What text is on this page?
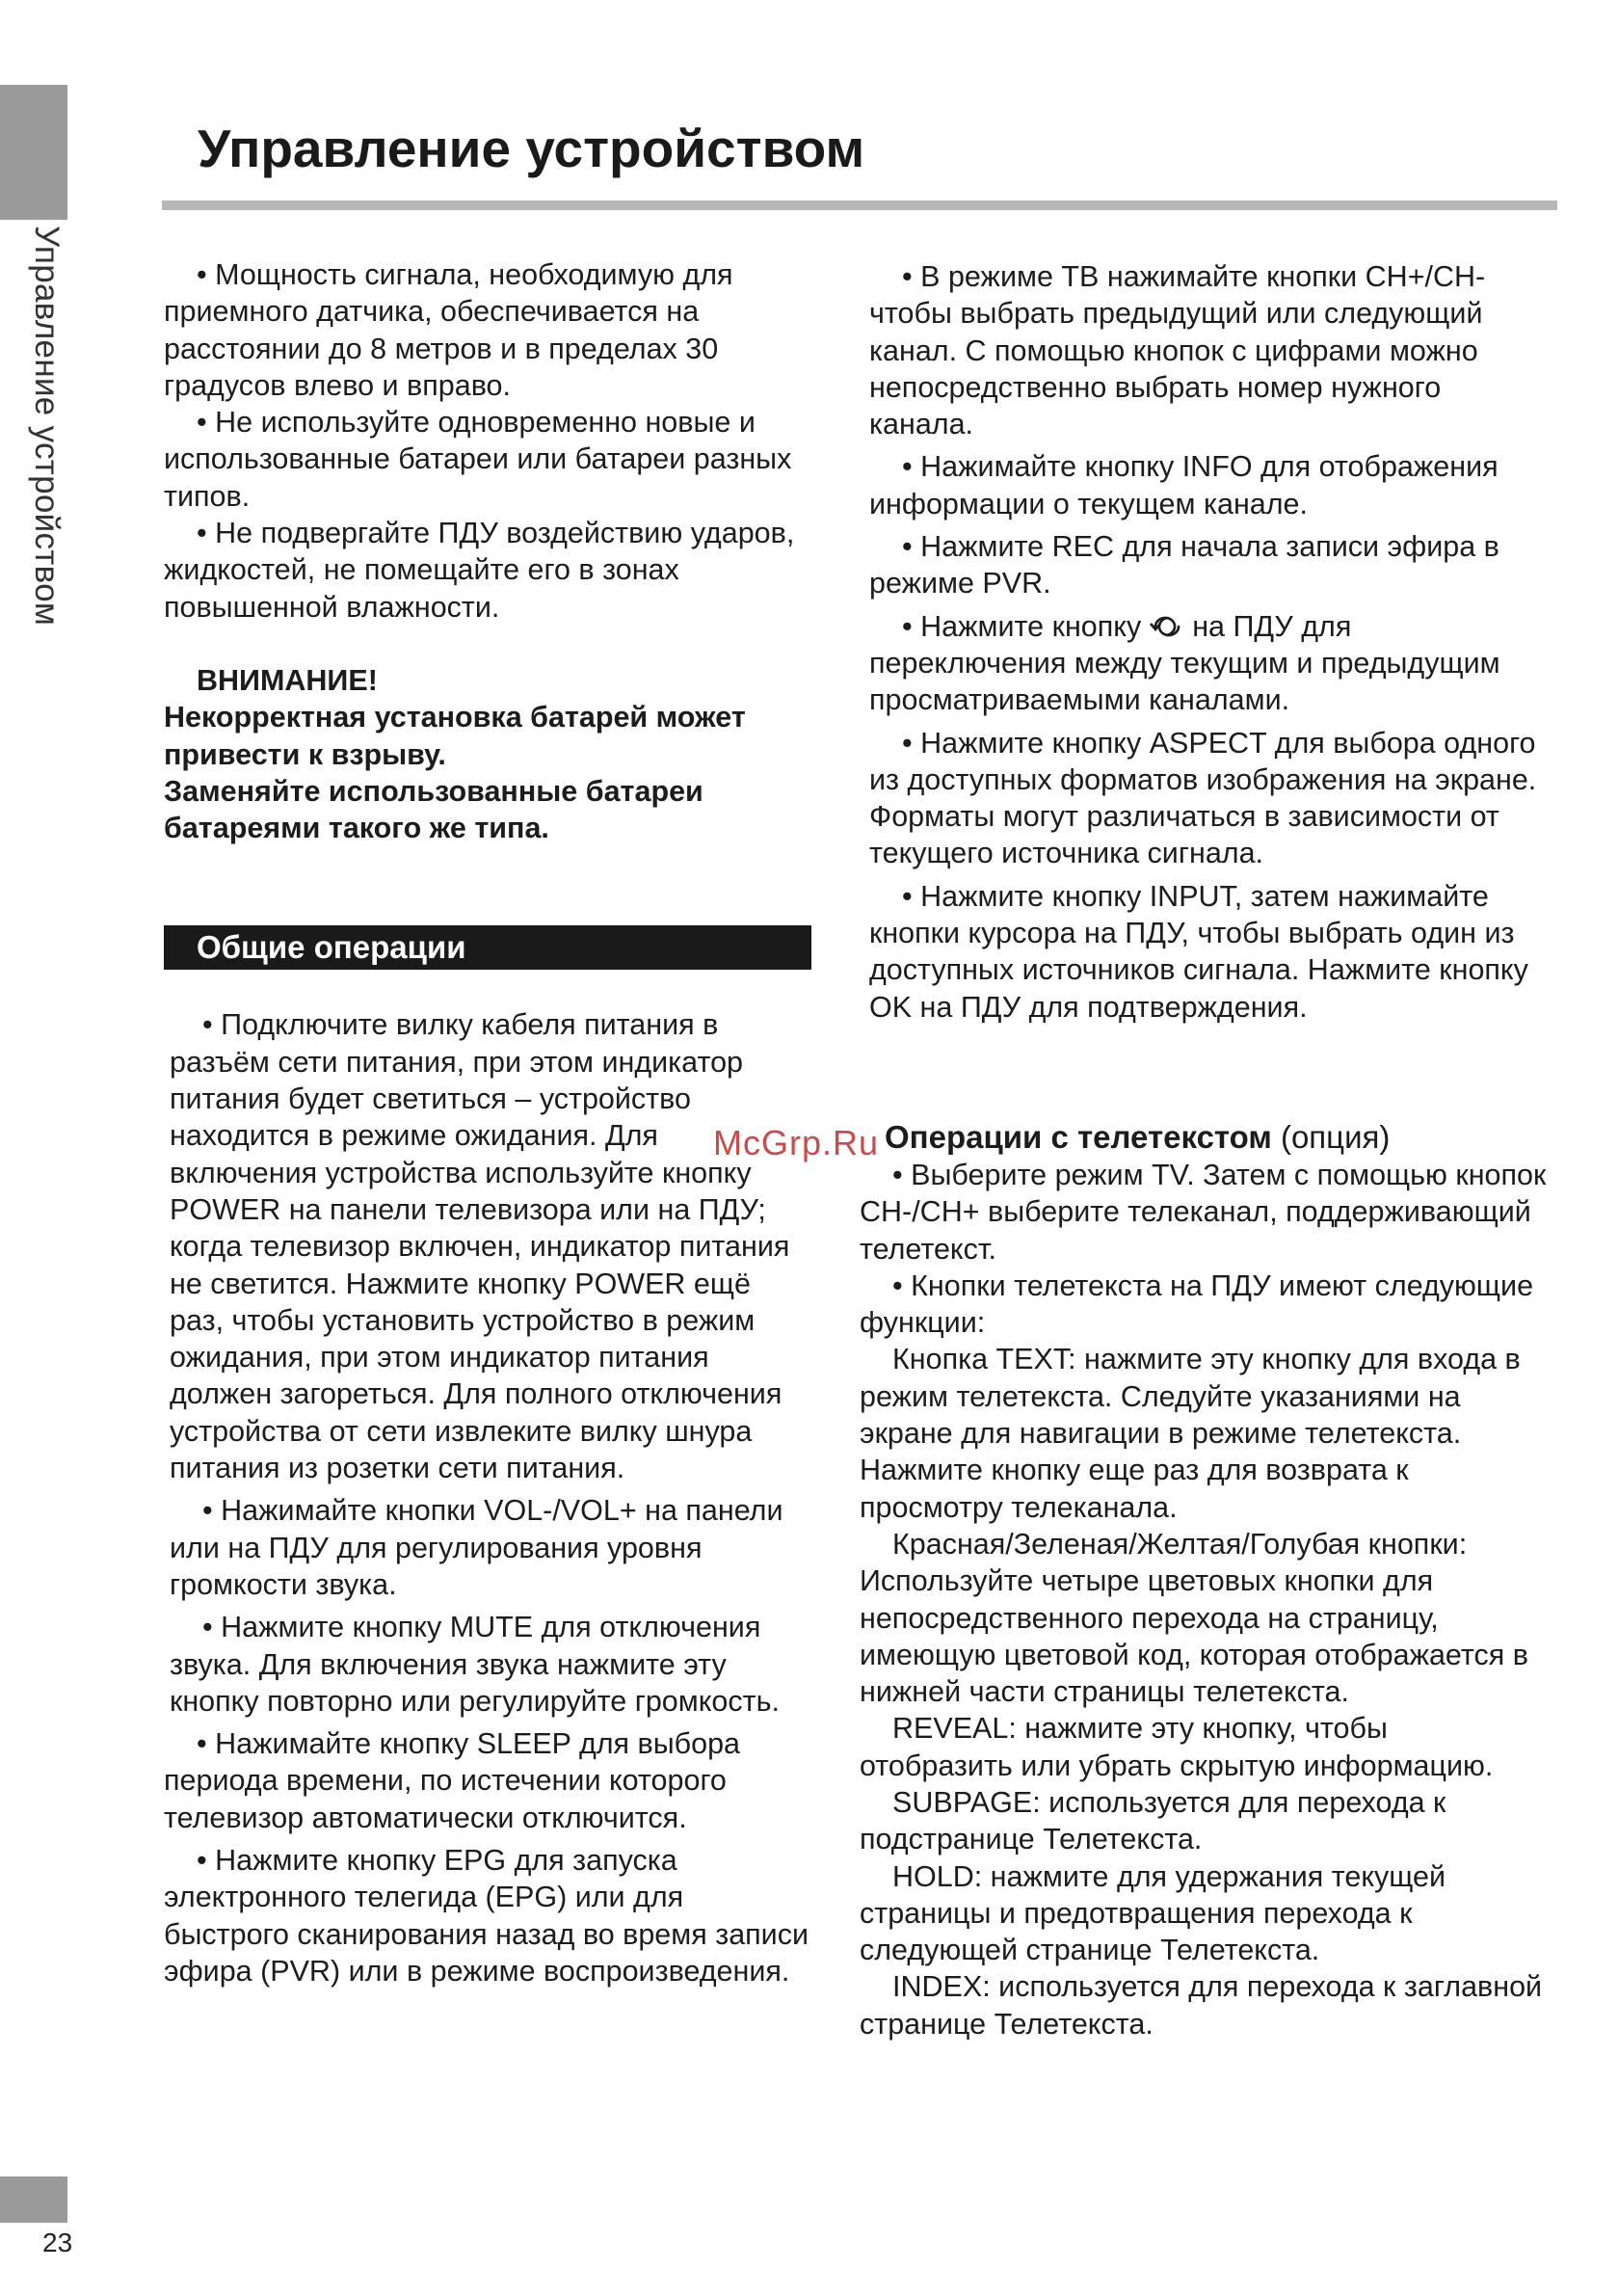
Управление устройством
23
Управление устройством

• Мощность сигнала, необходимую для приемного датчика, обеспечивается на расстоянии до 8 метров и в пределах 30 градусов влево и вправо.

• Не используйте одновременно новые и использованные батареи или батареи разных типов.

• Не подвергайте ПДУ воздействию ударов, жидкостей, не помещайте его в зонах повышенной влажности.

ВНИМАНИЕ!

Некорректная установка батарей может привести к взрыву.

Заменяйте использованные батареи батареями такого же типа.

Общие операции

• Подключите вилку кабеля питания в разъём сети питания, при этом индикатор питания будет светиться – устройство находится в режиме ожидания. Для включения устройства используйте кнопку POWER на панели телевизора или на ПДУ; когда телевизор включен, индикатор питания не светится. Нажмите кнопку POWER ещё раз, чтобы установить устройство в режим ожидания, при этом индикатор питания должен загореться. Для полного отключения устройства от сети извлеките вилку шнура питания из розетки сети питания.

• Нажимайте кнопки VOL-/VOL+ на панели или на ПДУ для регулирования уровня громкости звука.

• Нажмите кнопку MUTE для отключения звука. Для включения звука нажмите эту кнопку повторно или регулируйте громкость.

• Нажимайте кнопку SLEEP для выбора периода времени, по истечении которого телевизор автоматически отключится.

• Нажмите кнопку EPG для запуска электронного телегида (EPG) или для быстрого сканирования назад во время записи эфира (PVR) или в режиме воспроизведения.

• В режиме ТВ нажимайте кнопки CH+/CH- чтобы выбрать предыдущий или следующий канал. С помощью кнопок с цифрами можно непосредственно выбрать номер нужного канала.

• Нажимайте кнопку INFO для отображения информации о текущем канале.

• Нажмите REC для начала записи эфира в режиме PVR.

• Нажмите кнопку на ПДУ для переключения между текущим и предыдущим просматриваемыми каналами.

• Нажмите кнопку ASPECT для выбора одного из доступных форматов изображения на экране. Форматы могут различаться в зависимости от текущего источника сигнала.

• Нажмите кнопку INPUT, затем нажимайте кнопки курсора на ПДУ, чтобы выбрать один из доступных источников сигнала. Нажмите кнопку OK на ПДУ для подтверждения.

Операции с телетекстом (опция)

• Выберите режим TV. Затем с помощью кнопок CH-/CH+ выберите телеканал, поддерживающий телетекст.

• Кнопки телетекста на ПДУ имеют следующие функции:

Кнопка TEXT: нажмите эту кнопку для входа в режим телетекста. Следуйте указаниями на экране для навигации в режиме телетекста. Нажмите кнопку еще раз для возврата к просмотру телеканала.

Красная/Зеленая/Желтая/Голубая кнопки: Используйте четыре цветовых кнопки для непосредственного перехода на страницу, имеющую цветовой код, которая отображается в нижней части страницы телетекста.

REVEAL: нажмите эту кнопку, чтобы отобразить или убрать скрытую информацию.

SUBPAGE: используется для перехода к подстранице Телетекста.

HOLD: нажмите для удержания текущей страницы и предотвращения перехода к следующей странице Телетекста.

INDEX: используется для перехода к заглавной странице Телетекста.

McGrp.Ru
